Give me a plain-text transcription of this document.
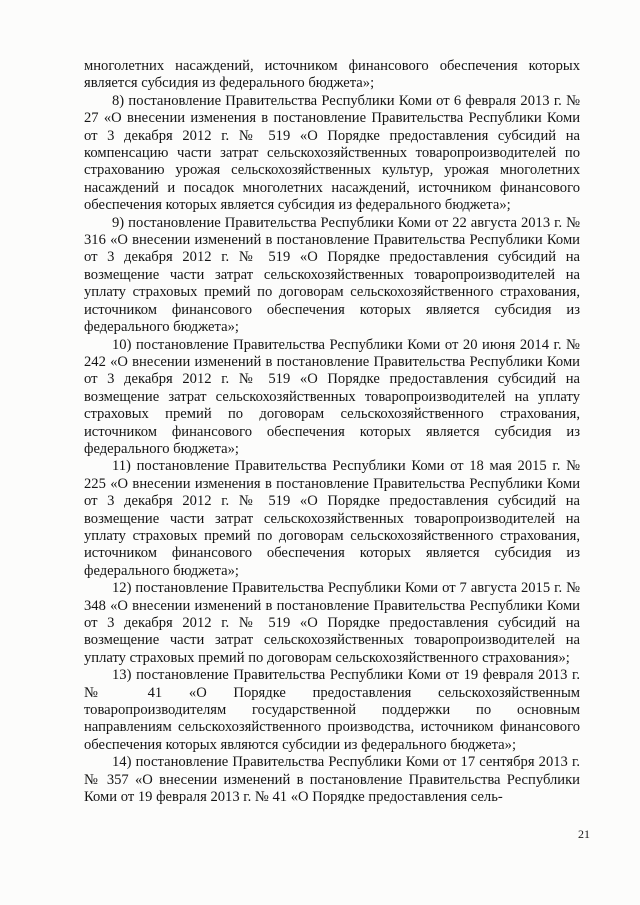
многолетних насаждений, источником финансового обеспечения которых является субсидия из федерального бюджета»;

8) постановление Правительства Республики Коми от 6 февраля 2013 г. № 27 «О внесении изменения в постановление Правительства Республики Коми от 3 декабря 2012 г. № 519 «О Порядке предоставления субсидий на компенсацию части затрат сельскохозяйственных товаропроизводителей по страхованию урожая сельскохозяйственных культур, урожая многолетних насаждений и посадок многолетних насаждений, источником финансового обеспечения которых является субсидия из федерального бюджета»;

9) постановление Правительства Республики Коми от 22 августа 2013 г. № 316 «О внесении изменений в постановление Правительства Республики Коми от 3 декабря 2012 г. № 519 «О Порядке предоставления субсидий на возмещение части затрат сельскохозяйственных товаропроизводителей на уплату страховых премий по договорам сельскохозяйственного страхования, источником финансового обеспечения которых является субсидия из федерального бюджета»;

10) постановление Правительства Республики Коми от 20 июня 2014 г. № 242 «О внесении изменений в постановление Правительства Республики Коми от 3 декабря 2012 г. № 519 «О Порядке предоставления субсидий на возмещение затрат сельскохозяйственных товаропроизводителей на уплату страховых премий по договорам сельскохозяйственного страхования, источником финансового обеспечения которых является субсидия из федерального бюджета»;

11) постановление Правительства Республики Коми от 18 мая 2015 г. № 225 «О внесении изменения в постановление Правительства Республики Коми от 3 декабря 2012 г. № 519 «О Порядке предоставления субсидий на возмещение части затрат сельскохозяйственных товаропроизводителей на уплату страховых премий по договорам сельскохозяйственного страхования, источником финансового обеспечения которых является субсидия из федерального бюджета»;

12) постановление Правительства Республики Коми от 7 августа 2015 г. № 348 «О внесении изменений в постановление Правительства Республики Коми от 3 декабря 2012 г. № 519 «О Порядке предоставления субсидий на возмещение части затрат сельскохозяйственных товаропроизводителей на уплату страховых премий по договорам сельскохозяйственного страхования»;

13) постановление Правительства Республики Коми от 19 февраля 2013 г. № 41 «О Порядке предоставления сельскохозяйственным товаропроизводителям государственной поддержки по основным направлениям сельскохозяйственного производства, источником финансового обеспечения которых являются субсидии из федерального бюджета»;

14) постановление Правительства Республики Коми от 17 сентября 2013 г. № 357 «О внесении изменений в постановление Правительства Республики Коми от 19 февраля 2013 г. № 41 «О Порядке предоставления сель-

21
